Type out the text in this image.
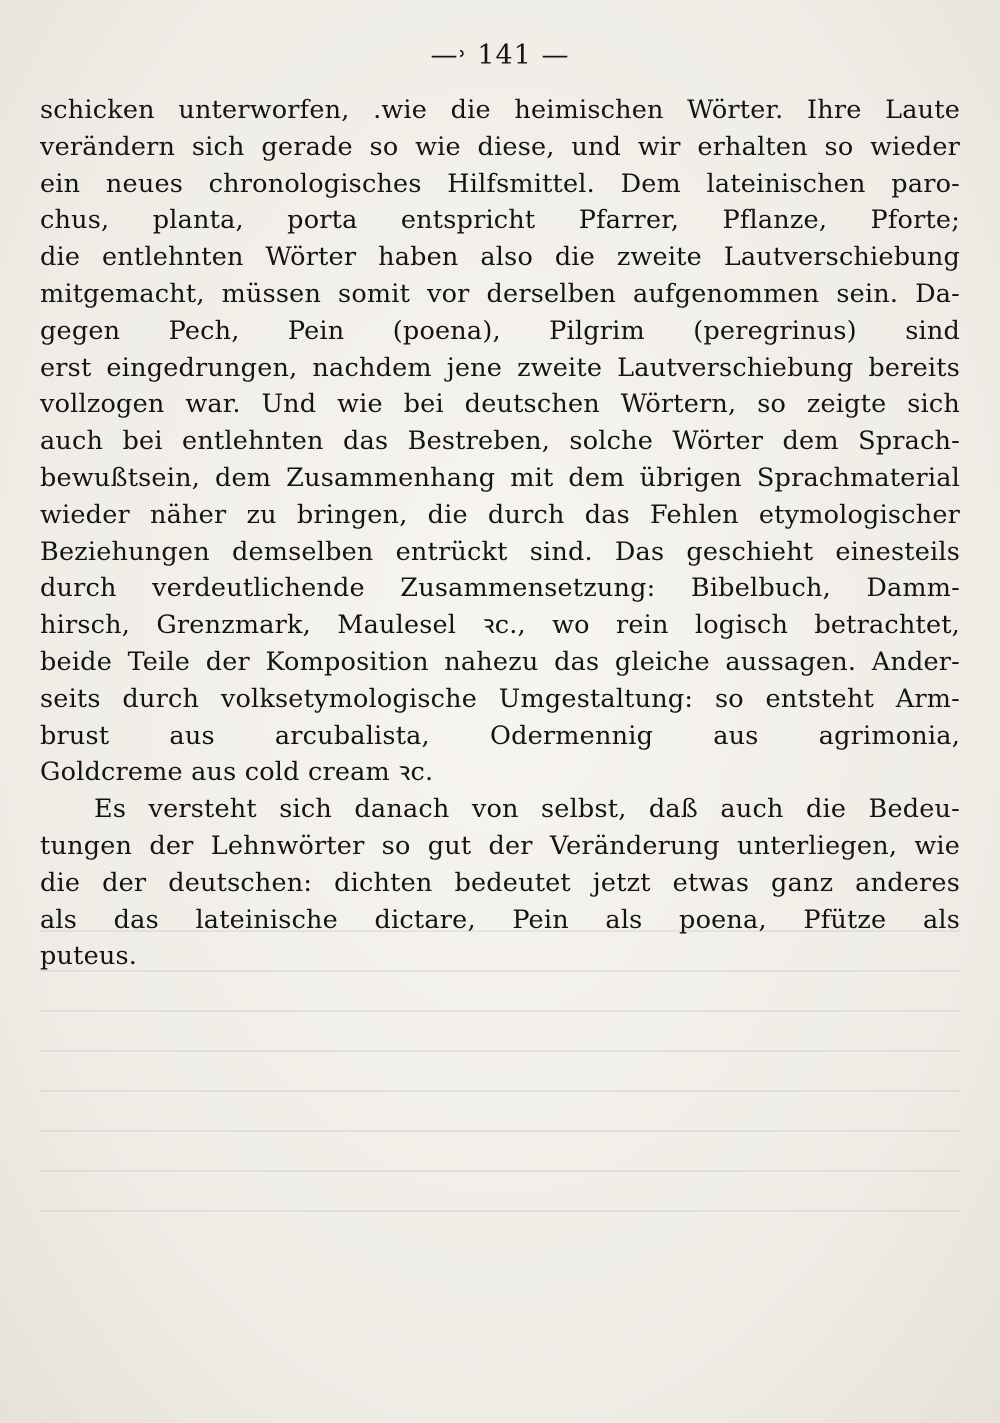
—˒ 141 —
schicken unterworfen, .wie die heimischen Wörter. Ihre Laute
verändern sich gerade so wie diese, und wir erhalten so wieder
ein neues chronologisches Hilfsmittel. Dem lateinischen paro-
chus, planta, porta entspricht Pfarrer, Pflanze, Pforte;
die entlehnten Wörter haben also die zweite Lautverschiebung
mitgemacht, müssen somit vor derselben aufgenommen sein. Da-
gegen Pech, Pein (poena), Pilgrim (peregrinus) sind
erst eingedrungen, nachdem jene zweite Lautverschiebung bereits
vollzogen war. Und wie bei deutschen Wörtern, so zeigte sich
auch bei entlehnten das Bestreben, solche Wörter dem Sprach-
bewußtsein, dem Zusammenhang mit dem übrigen Sprachmaterial
wieder näher zu bringen, die durch das Fehlen etymologischer
Beziehungen demselben entrückt sind. Das geschieht einesteils
durch verdeutlichende Zusammensetzung: Bibelbuch, Damm-
hirsch, Grenzmark, Maulesel ꝛc., wo rein logisch betrachtet,
beide Teile der Komposition nahezu das gleiche aussagen. Ander-
seits durch volksetymologische Umgestaltung: so entsteht Arm-
brust aus arcubalista, Odermennig aus agrimonia,
Goldcreme aus cold cream ꝛc.
Es versteht sich danach von selbst, daß auch die Bedeu-
tungen der Lehnwörter so gut der Veränderung unterliegen, wie
die der deutschen: dichten bedeutet jetzt etwas ganz anderes
als das lateinische dictare, Pein als poena, Pfütze als
puteus.
